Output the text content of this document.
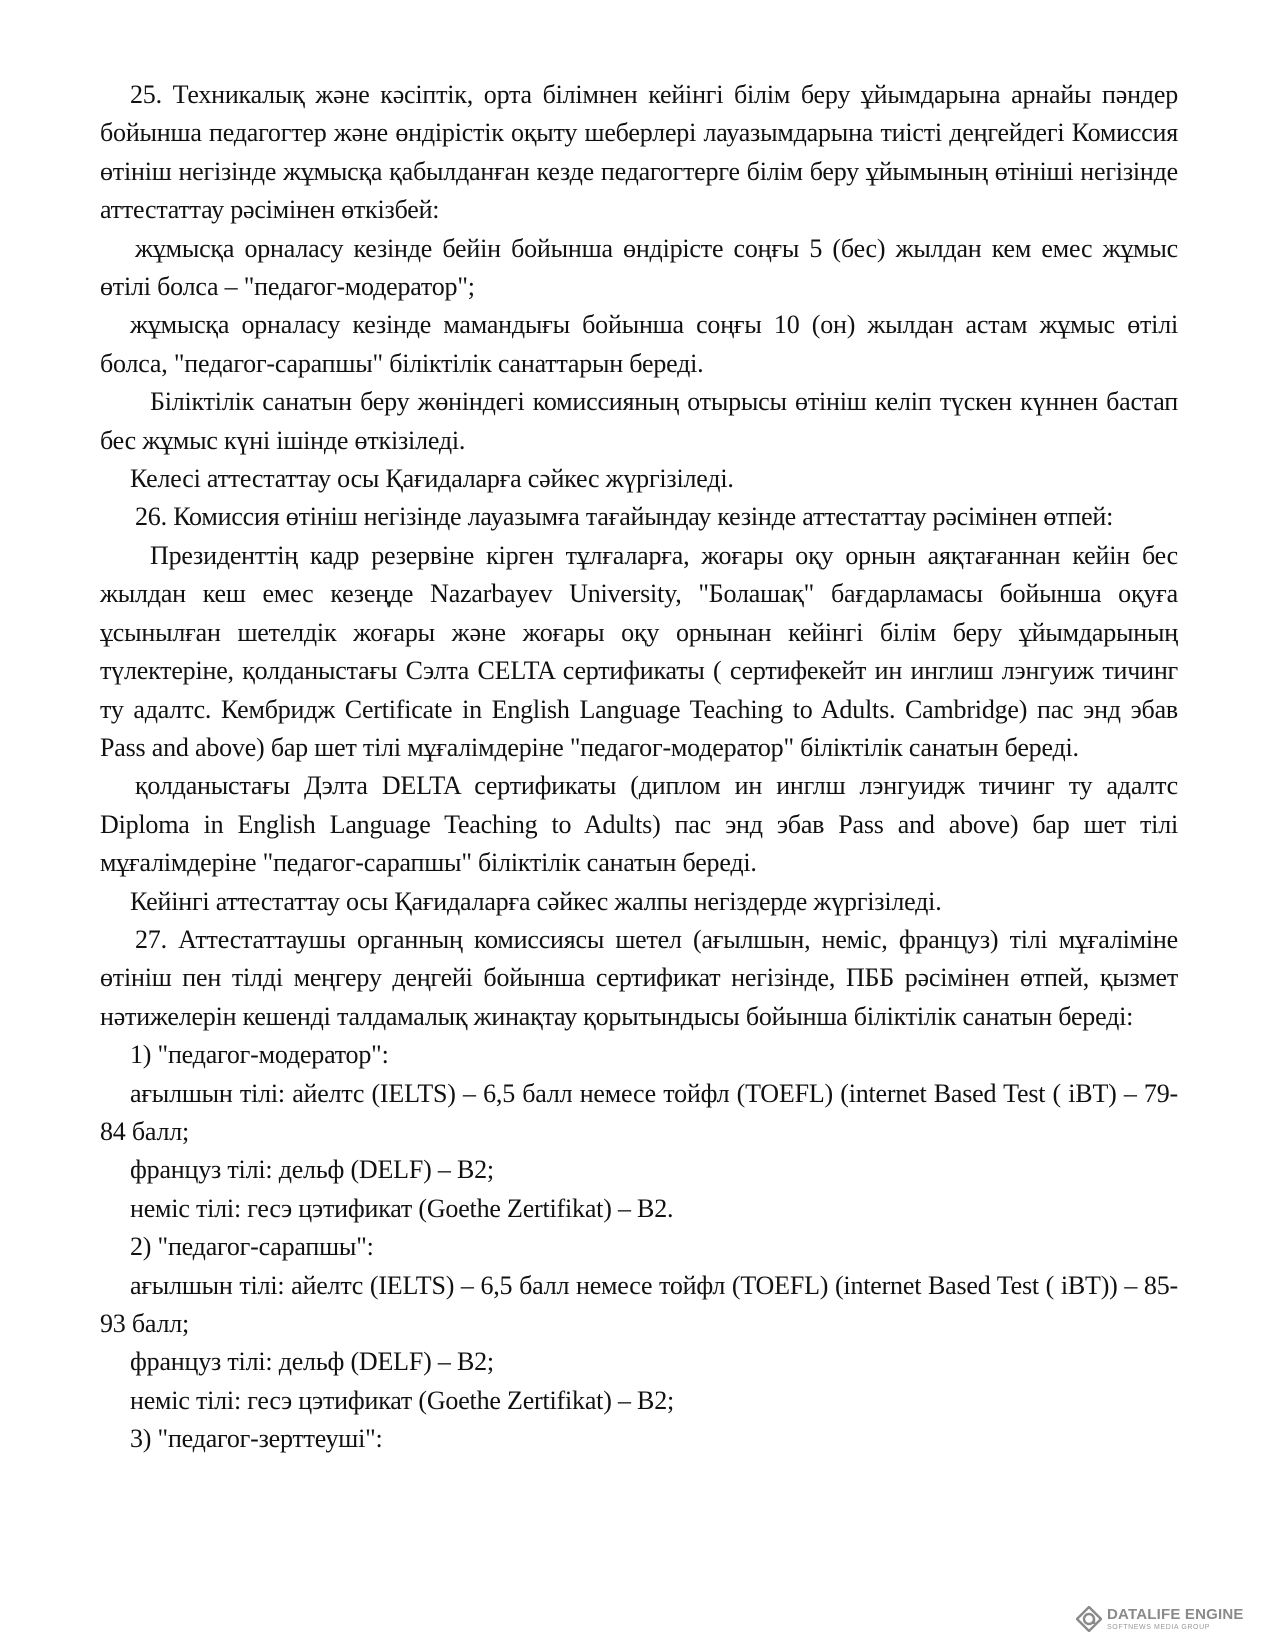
25. Техникалық және кәсіптік, орта білімнен кейінгі білім беру ұйымдарына арнайы пәндер бойынша педагогтер және өндірістік оқыту шеберлері лауазымдарына тиісті деңгейдегі Комиссия өтініш негізінде жұмысқа қабылданған кезде педагогтерге білім беру ұйымының өтініші негізінде аттестаттау рәсімінен өткізбей:

жұмысқа орналасу кезінде бейін бойынша өндірісте соңғы 5 (бес) жылдан кем емес жұмыс өтілі болса – "педагог-модератор";

жұмысқа орналасу кезінде мамандығы бойынша соңғы 10 (он) жылдан астам жұмыс өтілі болса, "педагог-сарапшы" біліктілік санаттарын береді.

Біліктілік санатын беру жөніндегі комиссияның отырысы өтініш келіп түскен күннен бастап бес жұмыс күні ішінде өткізіледі.

Келесі аттестаттау осы Қағидаларға сәйкес жүргізіледі.

26. Комиссия өтініш негізінде лауазымға тағайындау кезінде аттестаттау рәсімінен өтпей:

Президенттің кадр резервіне кірген тұлғаларға, жоғары оқу орнын аяқтағаннан кейін бес жылдан кеш емес кезеңде Nazarbayev University, "Болашақ" бағдарламасы бойынша оқуға ұсынылған шетелдік жоғары және жоғары оқу орнынан кейінгі білім беру ұйымдарының түлектеріне, қолданыстағы Сэлта CELTA сертификаты ( сертифекейт ин инглиш лэнгуиж тичинг ту адалтс. Кембридж Certificate in English Language Teaching to Adults. Cambridge) пас энд эбав Pass and above) бар шет тілі мұғалімдеріне "педагог-модератор" біліктілік санатын береді.

қолданыстағы Дэлта DELTA сертификаты (диплом ин инглш лэнгуидж тичинг ту адалтс Diploma in English Language Teaching to Adults) пас энд эбав Pass and above) бар шет тілі мұғалімдеріне "педагог-сарапшы" біліктілік санатын береді.

Кейінгі аттестаттау осы Қағидаларға сәйкес жалпы негіздерде жүргізіледі.

27. Аттестаттаушы органның комиссиясы шетел (ағылшын, неміс, француз) тілі мұғаліміне өтініш пен тілді меңгеру деңгейі бойынша сертификат негізінде, ПББ рәсімінен өтпей, қызмет нәтижелерін кешенді талдамалық жинақтау қорытындысы бойынша біліктілік санатын береді:

1) "педагог-модератор":

ағылшын тілі: айелтс (IELTS) – 6,5 балл немесе тойфл (TOEFL) (internet Based Test ( iBT) – 79-84 балл;

француз тілі: дельф (DELF) – B2;

неміс тілі: гесэ цэтификат (Goethe Zertifikat) – B2.

2) "педагог-сарапшы":

ағылшын тілі: айелтс (IELTS) – 6,5 балл немесе тойфл (TOEFL) (internet Based Test ( iBT)) – 85-93 балл;

француз тілі: дельф (DELF) – B2;

неміс тілі: гесэ цэтификат (Goethe Zertifikat) – B2;

3) "педагог-зерттеуші":

DATALIFE ENGINE
SOFTNEWS MEDIA GROUP
